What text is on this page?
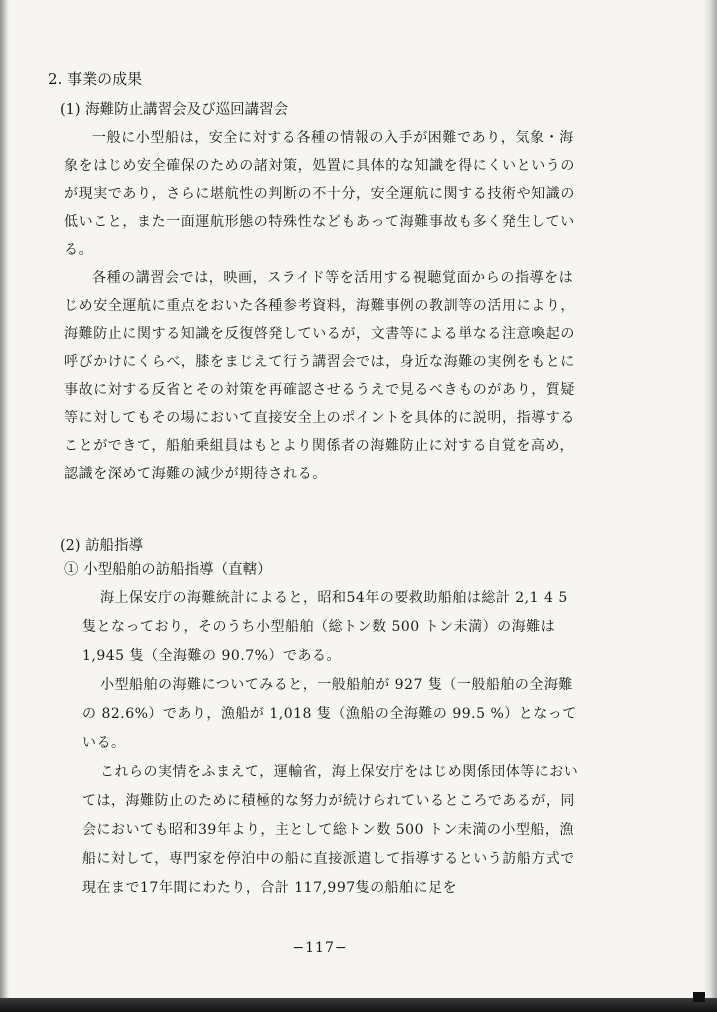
2. 事業の成果
(1) 海難防止講習会及び巡回講習会

一般に小型船は，安全に対する各種の情報の入手が困難であり，気象・海象をはじめ安全確保のための諸対策，処置に具体的な知識を得にくいというのが現実であり，さらに堪航性の判断の不十分，安全運航に関する技術や知識の低いこと，また一面運航形態の特殊性などもあって海難事故も多く発生している。

各種の講習会では，映画，スライド等を活用する視聴覚面からの指導をはじめ安全運航に重点をおいた各種参考資料，海難事例の教訓等の活用により，海難防止に関する知識を反復啓発しているが，文書等による単なる注意喚起の呼びかけにくらべ，膝をまじえて行う講習会では，身近な海難の実例をもとに事故に対する反省とその対策を再確認させるうえで見るべきものがあり，質疑等に対してもその場において直接安全上のポイントを具体的に説明，指導することができて，船舶乗組員はもとより関係者の海難防止に対する自覚を高め，認識を深めて海難の減少が期待される。

(2) 訪船指導
① 小型船舶の訪船指導（直轄）
海上保安庁の海難統計によると，昭和54年の要救助船舶は総計 2,1 4 5 隻となっており，そのうち小型船舶（総トン数 500 トン未満）の海難は 1,945 隻（全海難の 90.7%）である。
小型船舶の海難についてみると，一般船舶が 927 隻（一般船舶の全海難の 82.6%）であり，漁船が 1,018 隻（漁船の全海難の 99.5 %）となっている。
これらの実情をふまえて，運輸省，海上保安庁をはじめ関係団体等においては，海難防止のために積極的な努力が続けられているところであるが，同会においても昭和39年より，主として総トン数 500 トン未満の小型船，漁船に対して，専門家を停泊中の船に直接派遣して指導するという訪船方式で現在まで17年間にわたり，合計 117,997隻の船舶に足を
−117−
